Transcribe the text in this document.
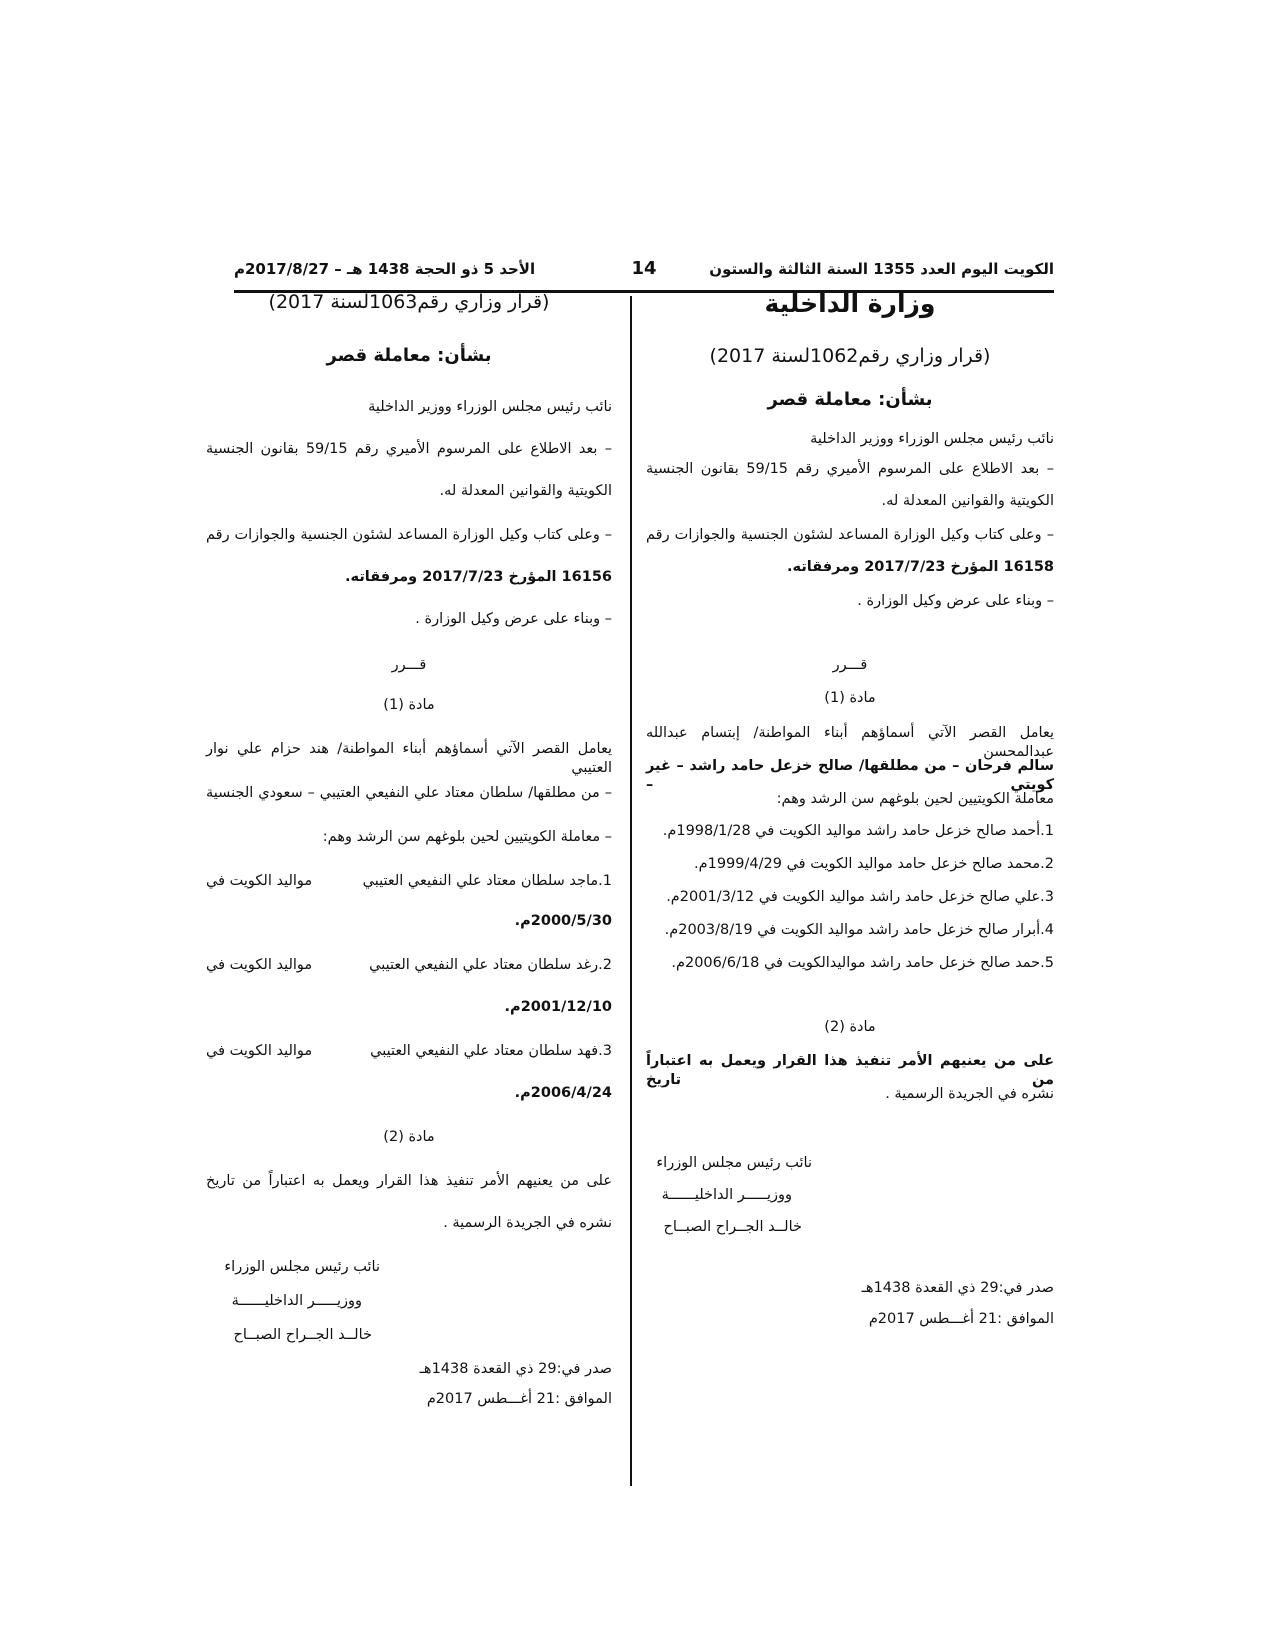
الكويت اليوم العدد 1355 السنة الثالثة والستون
14
الأحد 5 ذو الحجة 1438 هـ – 2017/8/27م

وزارة الداخلية

(قرار وزاري رقم1062لسنة 2017)

بشأن: معاملة قصر

نائب رئيس مجلس الوزراء ووزير الداخلية

– بعد الاطلاع على المرسوم الأميري رقم 59/15 بقانون الجنسية

الكويتية والقوانين المعدلة له.

– وعلى كتاب وكيل الوزارة المساعد لشئون الجنسية والجوازات رقم

16158 المؤرخ 2017/7/23 ومرفقاته.

– وبناء على عرض وكيل الوزارة .

قـــرر

مادة (1)

يعامل القصر الآتي أسماؤهم أبناء المواطنة/ إبتسام عبدالله عبدالمحسن

سالم فرحان – من مطلقها/ صالح خزعل حامد راشد – غير كويتي –

معاملة الكويتيين لحين بلوغهم سن الرشد وهم:

1.أحمد صالح خزعل حامد راشد مواليد الكويت في 1998/1/28م.

2.محمد صالح خزعل حامد مواليد الكويت في 1999/4/29م.

3.علي صالح خزعل حامد راشد مواليد الكويت في 2001/3/12م.

4.أبرار صالح خزعل حامد راشد مواليد الكويت في 2003/8/19م.

5.حمد صالح خزعل حامد راشد مواليدالكويت في 2006/6/18م.

مادة (2)

على من يعنيهم الأمر تنفيذ هذا القرار ويعمل به اعتباراً من تاريخ

نشره في الجريدة الرسمية .

نائب رئيس مجلس الوزراء

ووزيـــــر الداخليــــــة

خالــد الجــراح الصبــاح

صدر في:29 ذي القعدة 1438هـ

الموافق :21 أغـــطس 2017م

(قرار وزاري رقم1063لسنة 2017)

بشأن: معاملة قصر

نائب رئيس مجلس الوزراء ووزير الداخلية

– بعد الاطلاع على المرسوم الأميري رقم 59/15 بقانون الجنسية

الكويتية والقوانين المعدلة له.

– وعلى كتاب وكيل الوزارة المساعد لشئون الجنسية والجوازات رقم

16156 المؤرخ 2017/7/23 ومرفقاته.

– وبناء على عرض وكيل الوزارة .

قـــرر

مادة (1)

يعامل القصر الآتي أسماؤهم أبناء المواطنة/ هند حزام علي نوار العتيبي

– من مطلقها/ سلطان معتاد علي النفيعي العتيبي – سعودي الجنسية

– معاملة الكويتيين لحين بلوغهم سن الرشد وهم:

1.ماجد سلطان معتاد علي النفيعي العتيبي
مواليد الكويت في

2000/5/30م.

2.رغد سلطان معتاد علي النفيعي العتيبي
مواليد الكويت في

2001/12/10م.

3.فهد سلطان معتاد علي النفيعي العتيبي
مواليد الكويت في

2006/4/24م.

مادة (2)

على من يعنيهم الأمر تنفيذ هذا القرار ويعمل به اعتباراً من تاريخ

نشره في الجريدة الرسمية .

نائب رئيس مجلس الوزراء

ووزيـــــر الداخليــــــة

خالــد الجــراح الصبــاح

صدر في:29 ذي القعدة 1438هـ

الموافق :21 أغـــطس 2017م
